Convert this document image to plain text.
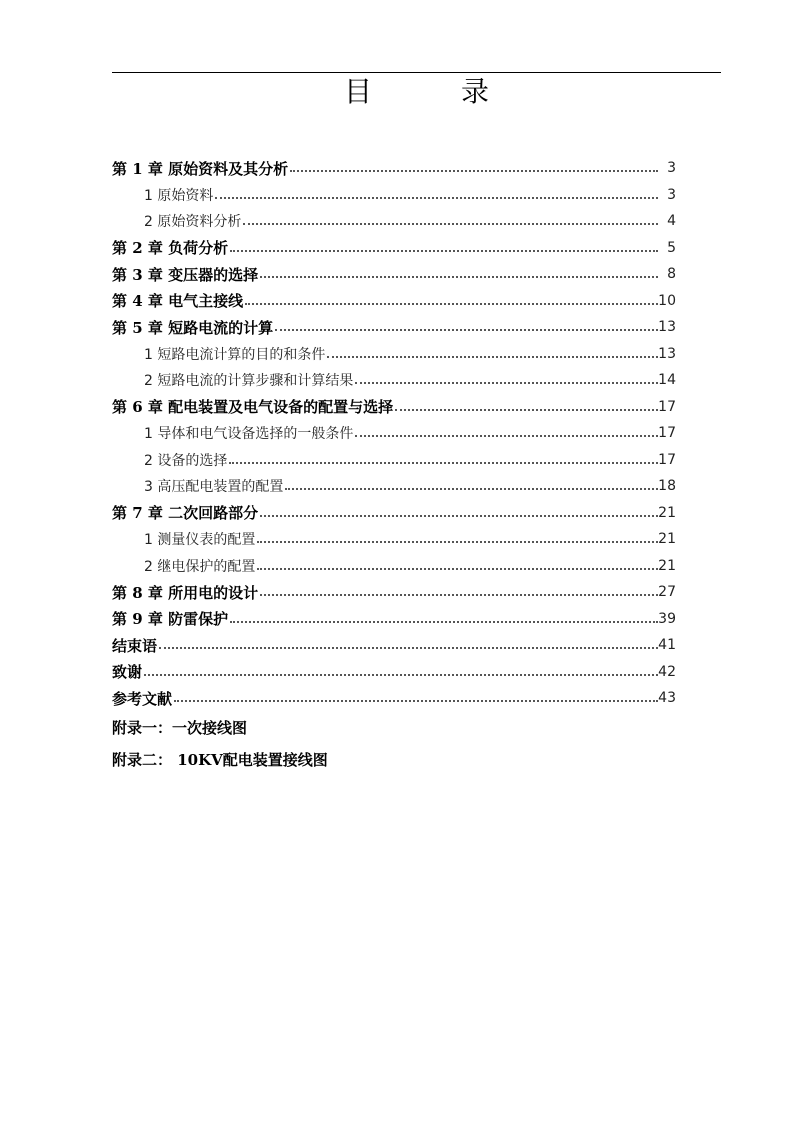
目 录
第 1 章 原始资料及其分析	3
1 原始资料	3
2 原始资料分析	4
第 2 章 负荷分析	5
第 3 章 变压器的选择	8
第 4 章 电气主接线	10
第 5 章 短路电流的计算	13
1 短路电流计算的目的和条件	13
2 短路电流的计算步骤和计算结果	14
第 6 章 配电装置及电气设备的配置与选择	17
1 导体和电气设备选择的一般条件	17
2 设备的选择	17
3 高压配电装置的配置	18
第 7 章 二次回路部分	21
1 测量仪表的配置	21
2 继电保护的配置	21
第 8 章 所用电的设计	27
第 9 章 防雷保护	39
结束语	41
致谢	42
参考文献	43
附录一：一次接线图
附录二： 10KV配电装置接线图
